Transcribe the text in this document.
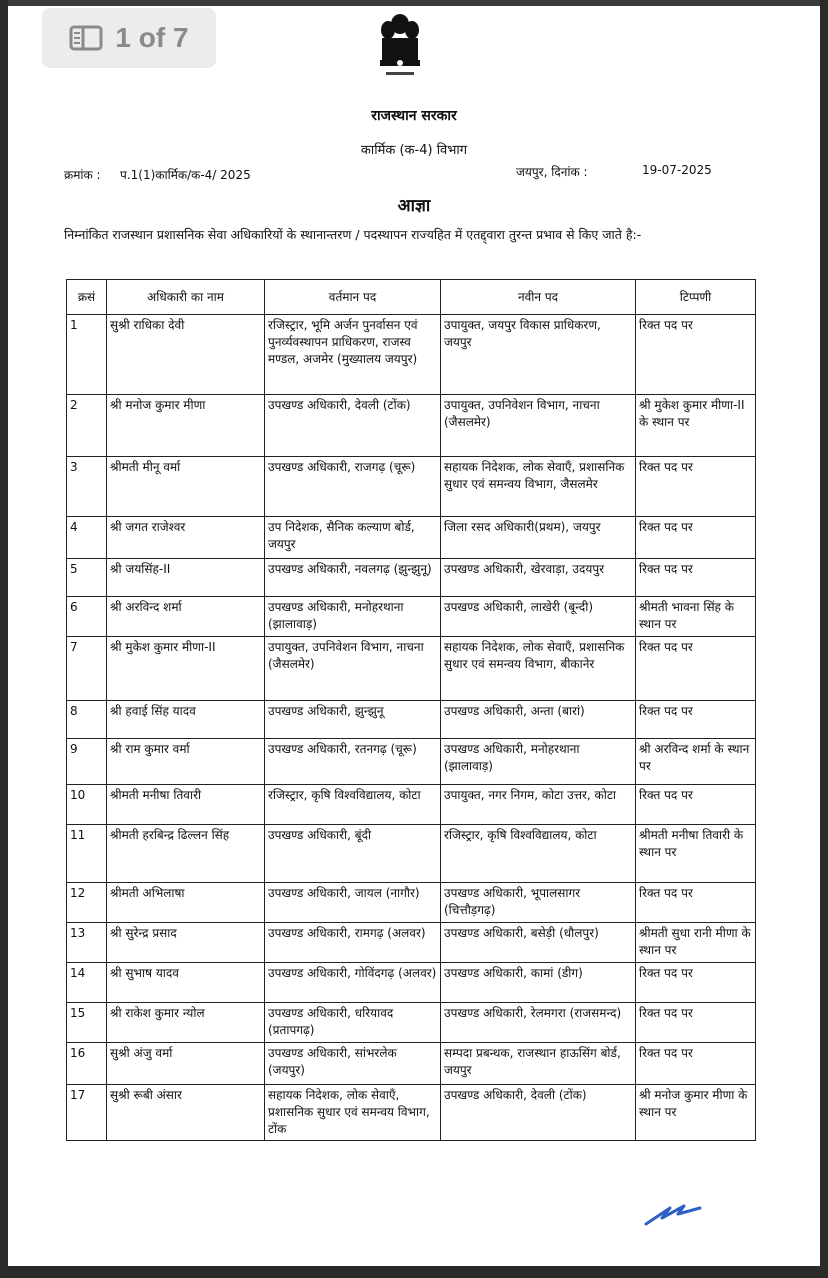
1 of 7
राजस्थान सरकार
कार्मिक (क-4) विभाग
क्रमांक : प.1(1)कार्मिक/क-4/ 2025	जयपुर, दिनांक :	19-07-2025
आज्ञा
निम्नांकित राजस्थान प्रशासनिक सेवा अधिकारियों के स्थानान्तरण / पदस्थापन राज्यहित में एतद्द्वारा तुरन्त प्रभाव से किए जाते है:-
क्रसं	अधिकारी का नाम	वर्तमान पद	नवीन पद	टिप्पणी
1	सुश्री राधिका देवी	रजिस्ट्रार, भूमि अर्जन पुनर्वासन एवं पुनर्व्यवस्थापन प्राधिकरण, राजस्व मण्डल, अजमेर (मुख्यालय जयपुर)	उपायुक्त, जयपुर विकास प्राधिकरण, जयपुर	रिक्त पद पर
2	श्री मनोज कुमार मीणा	उपखण्ड अधिकारी, देवली (टोंक)	उपायुक्त, उपनिवेशन विभाग, नाचना (जैसलमेर)	श्री मुकेश कुमार मीणा-II के स्थान पर
3	श्रीमती मीनू वर्मा	उपखण्ड अधिकारी, राजगढ़ (चूरू)	सहायक निदेशक, लोक सेवाएँ, प्रशासनिक सुधार एवं समन्वय विभाग, जैसलमेर	रिक्त पद पर
4	श्री जगत राजेश्वर	उप निदेशक, सैनिक कल्याण बोर्ड, जयपुर	जिला रसद अधिकारी(प्रथम), जयपुर	रिक्त पद पर
5	श्री जयसिंह-II	उपखण्ड अधिकारी, नवलगढ़ (झुन्झुनू)	उपखण्ड अधिकारी, खेरवाड़ा, उदयपुर	रिक्त पद पर
6	श्री अरविन्द शर्मा	उपखण्ड अधिकारी, मनोहरथाना (झालावाड़)	उपखण्ड अधिकारी, लाखेरी (बून्दी)	श्रीमती भावना सिंह के स्थान पर
7	श्री मुकेश कुमार मीणा-II	उपायुक्त, उपनिवेशन विभाग, नाचना (जैसलमेर)	सहायक निदेशक, लोक सेवाएँ, प्रशासनिक सुधार एवं समन्वय विभाग, बीकानेर	रिक्त पद पर
8	श्री हवाई सिंह यादव	उपखण्ड अधिकारी, झुन्झुनू	उपखण्ड अधिकारी, अन्ता (बारां)	रिक्त पद पर
9	श्री राम कुमार वर्मा	उपखण्ड अधिकारी, रतनगढ़ (चूरू)	उपखण्ड अधिकारी, मनोहरथाना (झालावाड़)	श्री अरविन्द शर्मा के स्थान पर
10	श्रीमती मनीषा तिवारी	रजिस्ट्रार, कृषि विश्वविद्यालय, कोटा	उपायुक्त, नगर निगम, कोटा उत्तर, कोटा	रिक्त पद पर
11	श्रीमती हरबिन्द्र ढिल्लन सिंह	उपखण्ड अधिकारी, बूंदी	रजिस्ट्रार, कृषि विश्वविद्यालय, कोटा	श्रीमती मनीषा तिवारी के स्थान पर
12	श्रीमती अभिलाषा	उपखण्ड अधिकारी, जायल (नागौर)	उपखण्ड अधिकारी, भूपालसागर (चित्तौड़गढ़)	रिक्त पद पर
13	श्री सुरेन्द्र प्रसाद	उपखण्ड अधिकारी, रामगढ़ (अलवर)	उपखण्ड अधिकारी, बसेड़ी (धौलपुर)	श्रीमती सुधा रानी मीणा के स्थान पर
14	श्री सुभाष यादव	उपखण्ड अधिकारी, गोविंदगढ़ (अलवर)	उपखण्ड अधिकारी, कामां (डीग)	रिक्त पद पर
15	श्री राकेश कुमार न्योल	उपखण्ड अधिकारी, धरियावद (प्रतापगढ़)	उपखण्ड अधिकारी, रेलमगरा (राजसमन्द)	रिक्त पद पर
16	सुश्री अंजु वर्मा	उपखण्ड अधिकारी, सांभरलेक (जयपुर)	सम्पदा प्रबन्धक, राजस्थान हाऊसिंग बोर्ड, जयपुर	रिक्त पद पर
17	सुश्री रूबी अंसार	सहायक निदेशक, लोक सेवाएँ, प्रशासनिक सुधार एवं समन्वय विभाग, टोंक	उपखण्ड अधिकारी, देवली (टोंक)	श्री मनोज कुमार मीणा के स्थान पर
